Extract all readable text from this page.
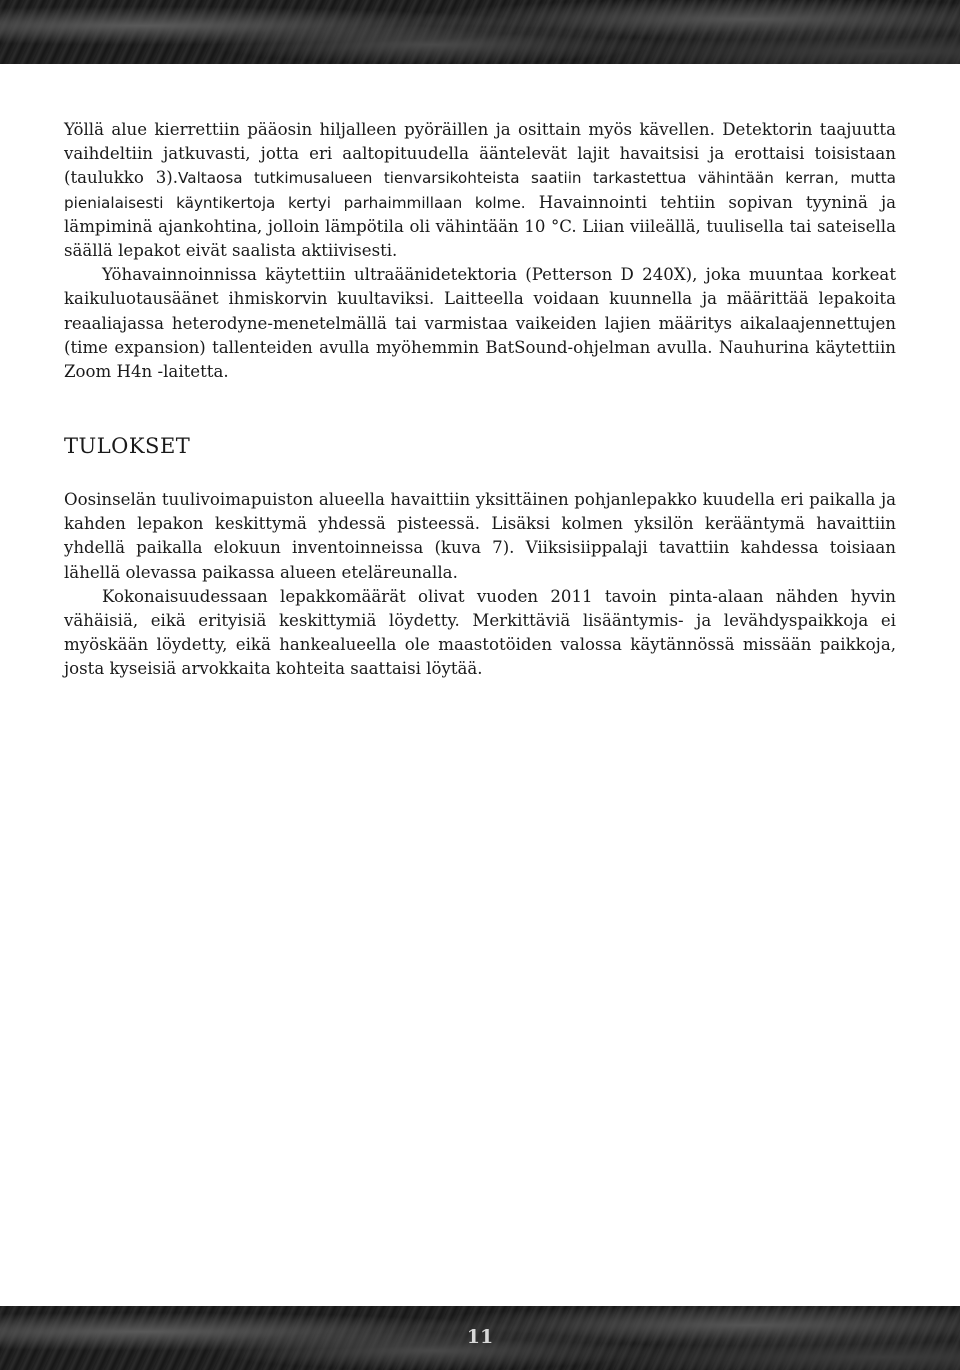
Yöllä alue kierrettiin pääosin hiljalleen pyöräillen ja osittain myös kävellen. Detektorin taajuutta vaihdeltiin jatkuvasti, jotta eri aaltopituudella ääntelevät lajit havaitsisi ja erottaisi toisistaan (taulukko 3).Valtaosa tutkimusalueen tienvarsikohteista saatiin tarkastettua vähintään kerran, mutta pienialaisesti käyntikertoja kertyi parhaimmillaan kolme. Havainnointi tehtiin sopivan tyyninä ja lämpiminä ajankohtina, jolloin lämpötila oli vähintään 10 °C. Liian viileällä, tuulisella tai sateisella säällä lepakot eivät saalista aktiivisesti.

Yöhavainnoinnissa käytettiin ultraäänidetektoria (Petterson D 240X), joka muuntaa korkeat kaikuluotausäänet ihmiskorvin kuultaviksi. Laitteella voidaan kuunnella ja määrittää lepakoita reaaliajassa heterodyne-menetelmällä tai varmistaa vaikeiden lajien määritys aikalaajennettujen (time expansion) tallenteiden avulla myöhemmin BatSound-ohjelman avulla. Nauhurina käytettiin Zoom H4n -laitetta.

TULOKSET

Oosinselän tuulivoimapuiston alueella havaittiin yksittäinen pohjanlepakko kuudella eri paikalla ja kahden lepakon keskittymä yhdessä pisteessä. Lisäksi kolmen yksilön kerääntymä havaittiin yhdellä paikalla elokuun inventoinneissa (kuva 7). Viiksisiippalaji tavattiin kahdessa toisiaan lähellä olevassa paikassa alueen eteläreunalla.

Kokonaisuudessaan lepakkomäärät olivat vuoden 2011 tavoin pinta-alaan nähden hyvin vähäisiä, eikä erityisiä keskittymiä löydetty. Merkittäviä lisääntymis- ja levähdyspaikkoja ei myöskään löydetty, eikä hankealueella ole maastotöiden valossa käytännössä missään paikkoja, josta kyseisiä arvokkaita kohteita saattaisi löytää.

11
